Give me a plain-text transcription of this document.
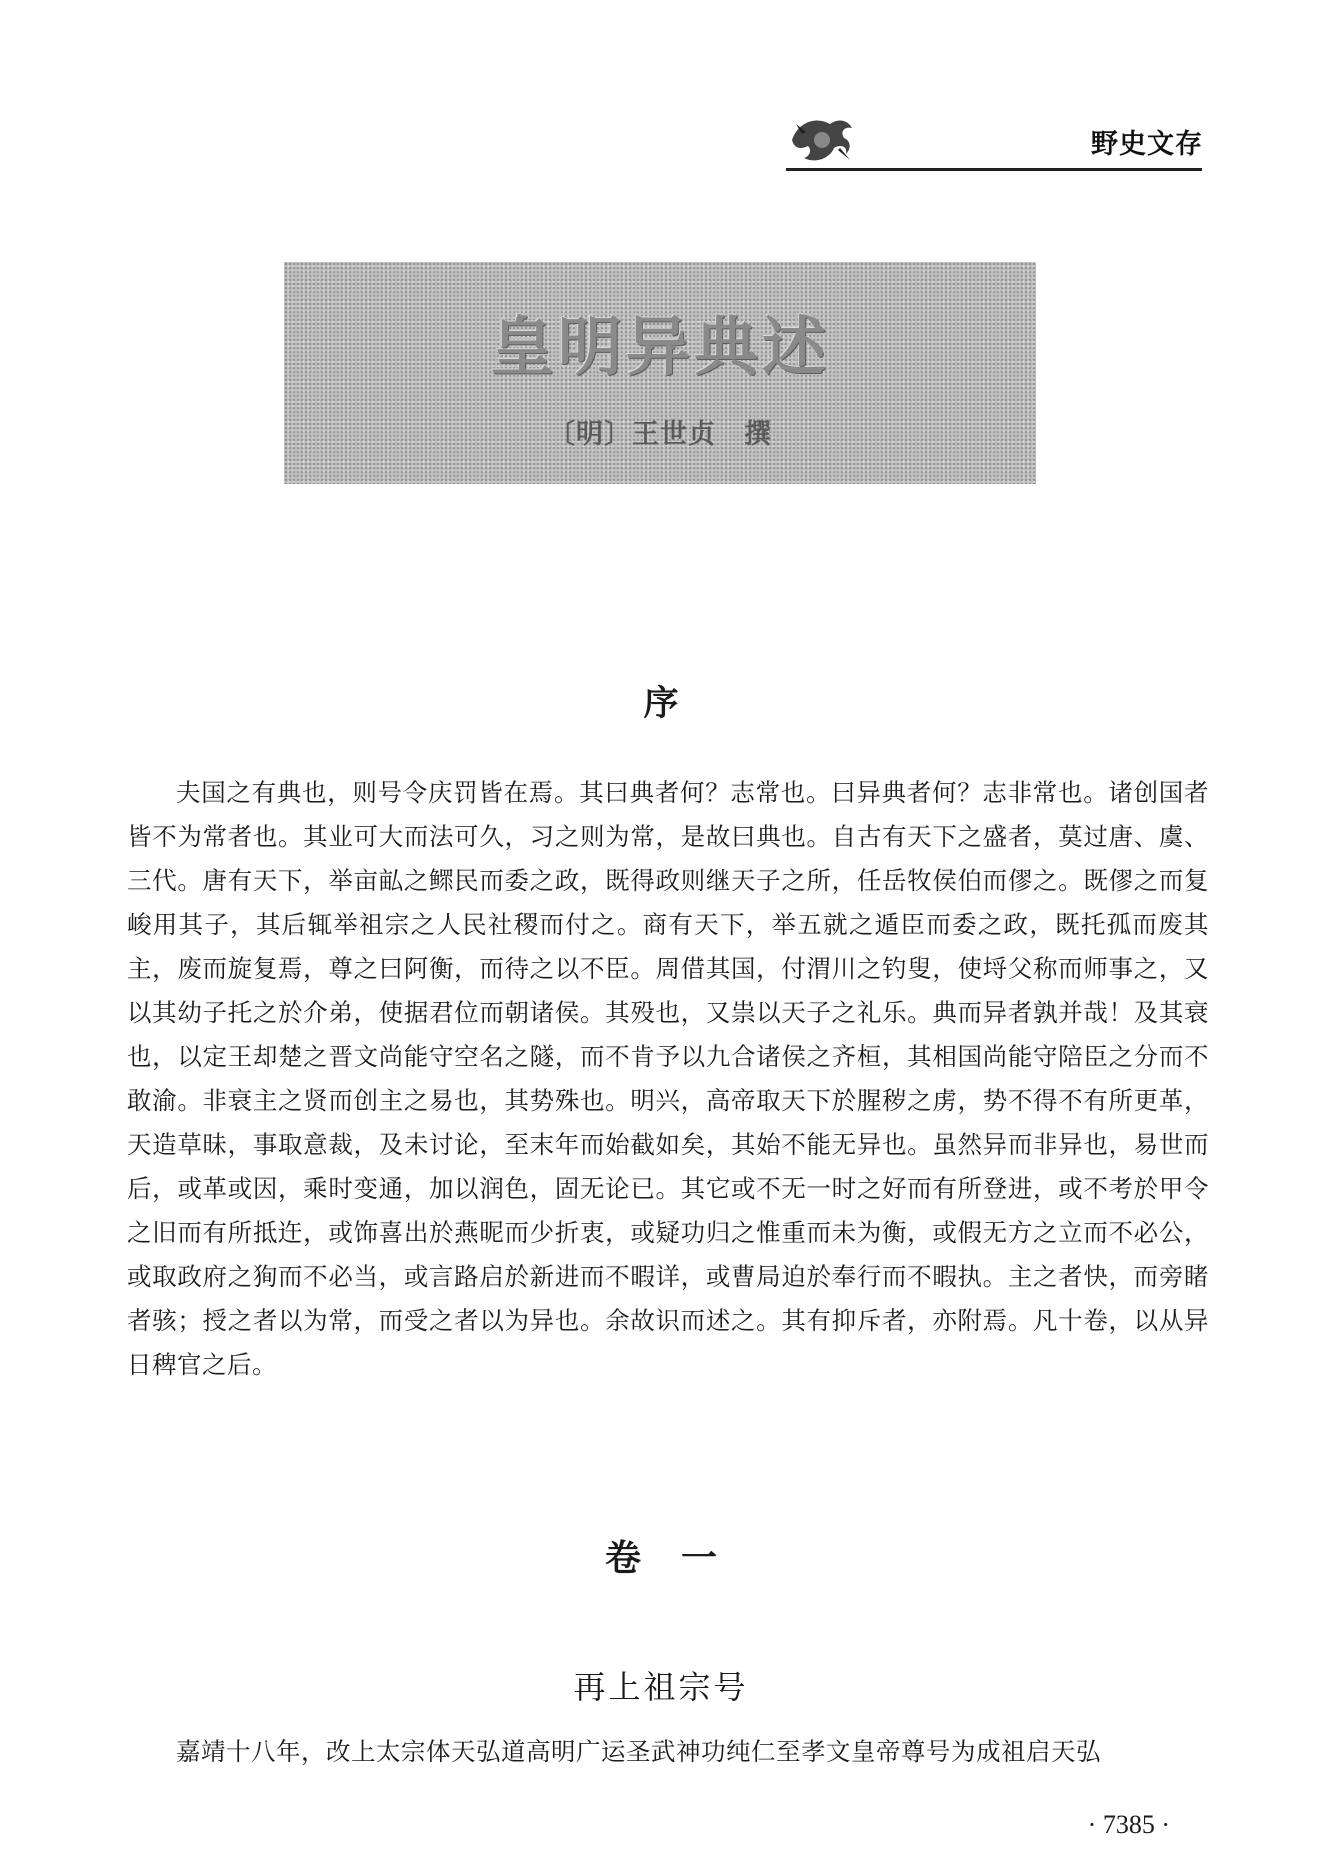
野史文存
皇明异典述
〔明〕王世贞　撰
序

夫国之有典也，则号令庆罚皆在焉。其曰典者何？志常也。曰异典者何？志非常也。诸创国者皆不为常者也。其业可大而法可久，习之则为常，是故曰典也。自古有天下之盛者，莫过唐、虞、三代。唐有天下，举亩畆之鳏民而委之政，既得政则继天子之所，任岳牧侯伯而僇之。既僇之而复峻用其子，其后辄举祖宗之人民社稷而付之。商有天下，举五就之遁臣而委之政，既托孤而废其主，废而旋复焉，尊之曰阿衡，而待之以不臣。周借其国，付渭川之钓叟，使埒父称而师事之，又以其幼子托之於介弟，使据君位而朝诸侯。其殁也，又祟以天子之礼乐。典而异者孰并哉！及其衰也，以定王却楚之晋文尚能守空名之隧，而不肯予以九合诸侯之齐桓，其相国尚能守陪臣之分而不敢渝。非衰主之贤而创主之易也，其势殊也。明兴，高帝取天下於腥秽之虏，势不得不有所更革，天造草昧，事取意裁，及未讨论，至末年而始截如矣，其始不能无异也。虽然异而非异也，易世而后，或革或因，乘时变通，加以润色，固无论已。其它或不无一时之好而有所登进，或不考於甲令之旧而有所抵迕，或饰喜出於燕昵而少折衷，或疑功归之惟重而未为衡，或假无方之立而不必公，或取政府之狥而不必当，或言路启於新进而不暇详，或曹局迫於奉行而不暇执。主之者快，而旁睹者骇；授之者以为常，而受之者以为异也。余故识而述之。其有抑斥者，亦附焉。凡十卷，以从异日稗官之后。

卷一
再上祖宗号

嘉靖十八年，改上太宗体天弘道高明广运圣武神功纯仁至孝文皇帝尊号为成祖启天弘

· 7385 ·
